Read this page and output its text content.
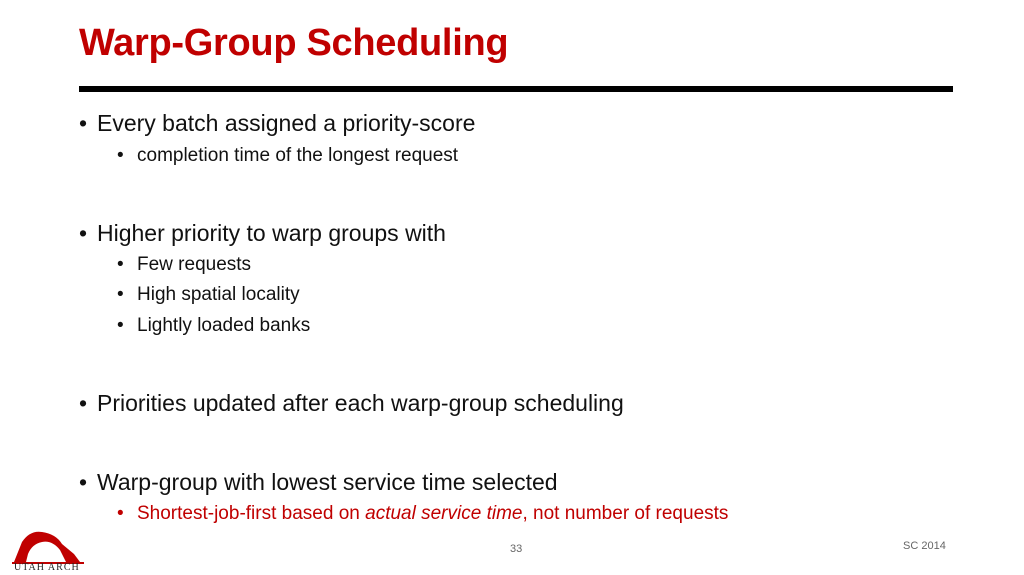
Warp-Group Scheduling
• Every batch assigned a priority-score
• completion time of the longest request
• Higher priority to warp groups with
• Few requests
• High spatial locality
• Lightly loaded banks
• Priorities updated after each warp-group scheduling
• Warp-group with lowest service time selected
• Shortest-job-first based on actual service time, not number of requests
UTAH ARCH
33	SC 2014
